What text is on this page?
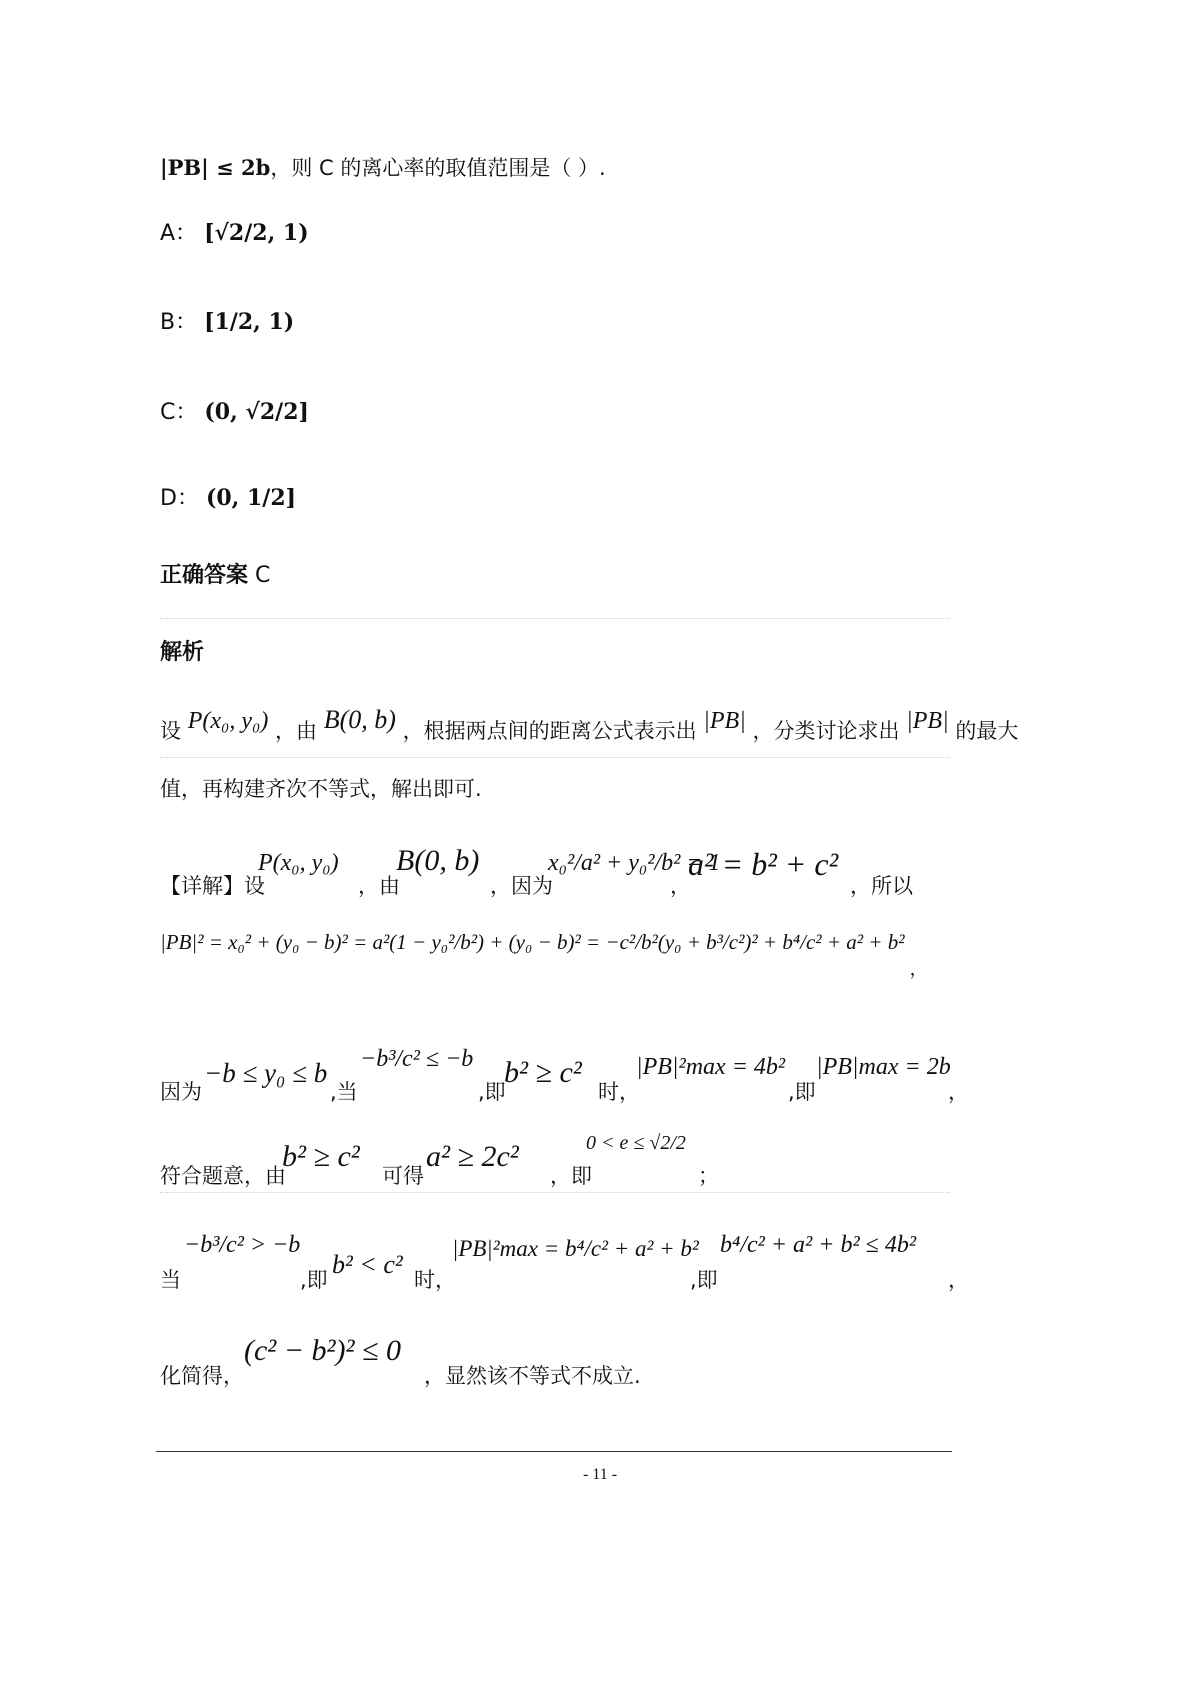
|PB| ≤ 2b，则 C 的离心率的取值范围是（ ）.
A： [√2/2, 1)
B： [1/2, 1)
C： (0, √2/2]
D： (0, 1/2]
正确答案 C
解析
设 P(x₀, y₀) ，由 B(0, b) ，根据两点间的距离公式表示出 |PB| ，分类讨论求出 |PB| 的最大
值，再构建齐次不等式，解出即可.
【详解】设
P(x₀, y₀)
，由
B(0, b)
，因为
x₀²/a² + y₀²/b² = 1
，
a² = b² + c²
，所以
|PB|² = x₀² + (y₀ − b)² = a²(1 − y₀²/b²) + (y₀ − b)² = −c²/b²(y₀ + b³/c²)² + b⁴/c² + a² + b² ，
因为
−b ≤ y₀ ≤ b
,当
−b³/c² ≤ −b
,即
b² ≥ c²
时，
|PB|²max = 4b²
,即
|PB|max = 2b
，
符合题意，由
b² ≥ c²
可得
a² ≥ 2c²
，即
0 < e ≤ √2/2
；
当
−b³/c² > −b
,即
b² < c²
时，
|PB|²max = b⁴/c² + a² + b²
,即
b⁴/c² + a² + b² ≤ 4b²
，
化简得，
(c² − b²)² ≤ 0
，显然该不等式不成立.
- 11 -
